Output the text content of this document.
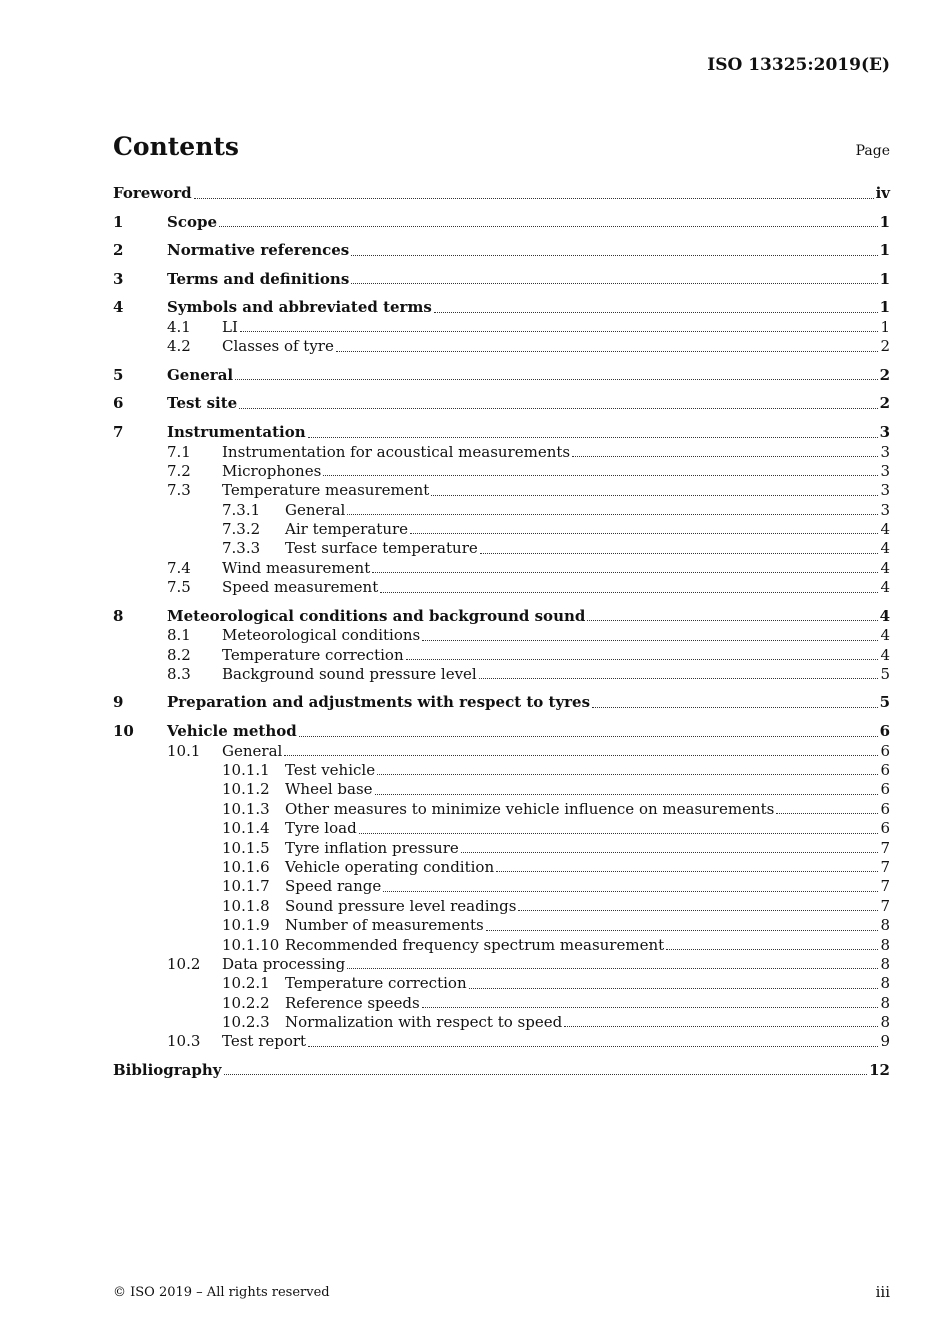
ISO 13325:2019(E)
Contents	Page
Foreword	iv
1	Scope	1
2	Normative references	1
3	Terms and definitions	1
4	Symbols and abbreviated terms	1
4.1	LI	1
4.2	Classes of tyre	2
5	General	2
6	Test site	2
7	Instrumentation	3
7.1	Instrumentation for acoustical measurements	3
7.2	Microphones	3
7.3	Temperature measurement	3
7.3.1	General	3
7.3.2	Air temperature	4
7.3.3	Test surface temperature	4
7.4	Wind measurement	4
7.5	Speed measurement	4
8	Meteorological conditions and background sound	4
8.1	Meteorological conditions	4
8.2	Temperature correction	4
8.3	Background sound pressure level	5
9	Preparation and adjustments with respect to tyres	5
10	Vehicle method	6
10.1	General	6
10.1.1	Test vehicle	6
10.1.2	Wheel base	6
10.1.3	Other measures to minimize vehicle influence on measurements	6
10.1.4	Tyre load	6
10.1.5	Tyre inflation pressure	7
10.1.6	Vehicle operating condition	7
10.1.7	Speed range	7
10.1.8	Sound pressure level readings	7
10.1.9	Number of measurements	8
10.1.10 Recommended frequency spectrum measurement	8
10.2	Data processing	8
10.2.1	Temperature correction	8
10.2.2	Reference speeds	8
10.2.3	Normalization with respect to speed	8
10.3	Test report	9
Bibliography	12
© ISO 2019 – All rights reserved	iii
